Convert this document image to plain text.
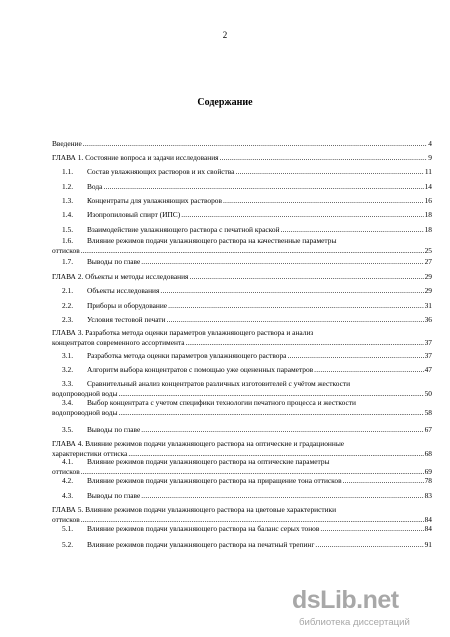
2
Содержание
Введение .....	4
ГЛАВА 1. Состояние вопроса и задачи исследования .....	9
1.1.	Состав увлажняющих растворов и их свойства .....	11
1.2.	Вода .....	14
1.3.	Концентраты для увлажняющих растворов .....	16
1.4.	Изопропиловый спирт (ИПС) .....	18
1.5.	Взаимодействие увлажняющего раствора с печатной краской .....	18
1.6. Влияние режимов подачи увлажняющего раствора на качественные параметры
оттисков .....	25
1.7.	Выводы по главе .....	27
ГЛАВА 2. Объекты и методы исследования .....	29
2.1.	Объекты исследования .....	29
2.2.	Приборы и оборудование .....	31
2.3.	Условия тестовой печати .....	36
ГЛАВА 3. Разработка метода оценки параметров увлажняющего раствора и анализ
концентратов современного ассортимента .....	37
3.1.	Разработка метода оценки параметров увлажняющего раствора .....	37
3.2.	Алгоритм выбора концентратов с помощью уже оцененных параметров .....	47
3.3. Сравнительный анализ концентратов различных изготовителей с учётом жесткости
водопроводной воды .....	50
3.4. Выбор концентрата с учетом специфики технологии печатного процесса и жесткости
водопроводной воды .....	58
3.5.	Выводы по главе .....	67
ГЛАВА 4. Влияние режимов подачи увлажняющего раствора на оптические и градационные
характеристики оттиска .....	68
4.1. Влияние режимов подачи увлажняющего раствора на оптические параметры
оттисков .....	69
4.2.	Влияние режимов подачи увлажняющего раствора на приращение тона оттисков .....	78
4.3.	Выводы по главе .....	83
ГЛАВА 5. Влияние режимов подачи увлажняющего раствора на цветовые характеристики
оттисков .....	84
5.1.	Влияние режимов подачи увлажняющего раствора на баланс серых тонов .....	84
5.2.	Влияние режимов подачи увлажняющего раствора на печатный трепинг .....	91
dsLib.net
библиотека диссертаций
